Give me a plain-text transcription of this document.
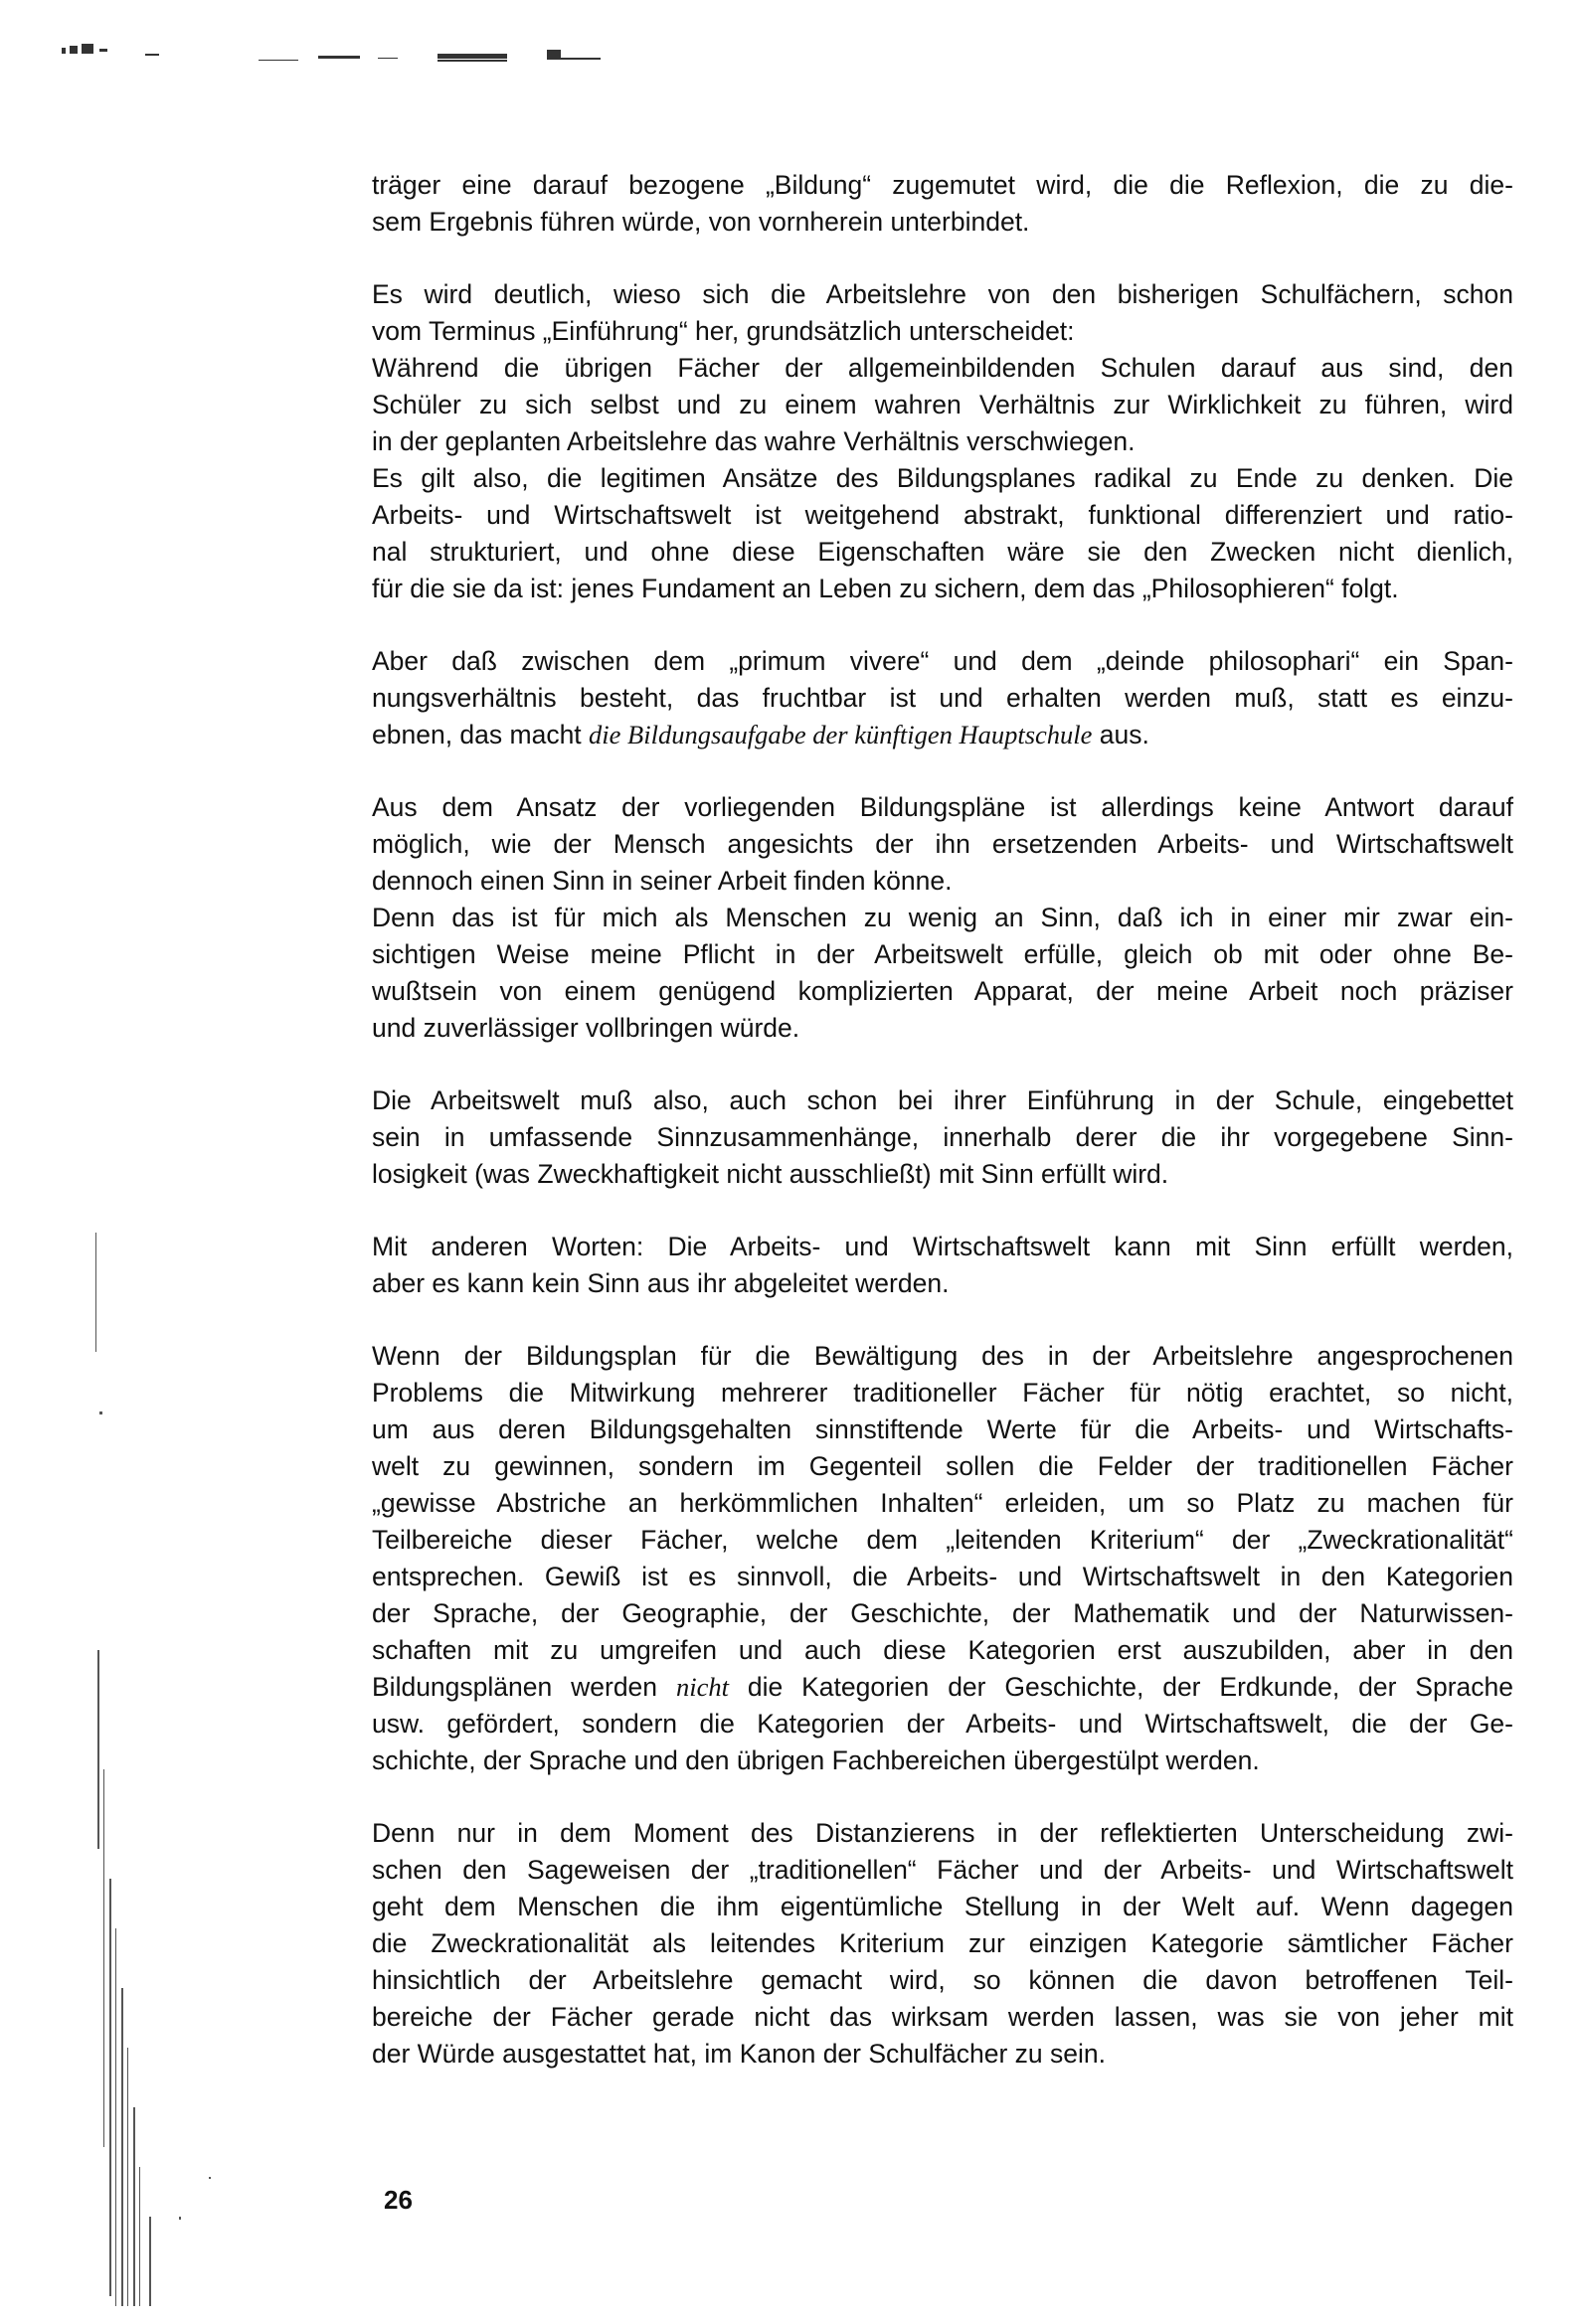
träger eine darauf bezogene „Bildung“ zugemutet wird, die die Reflexion, die zu die-
sem Ergebnis führen würde, von vornherein unterbindet.

Es wird deutlich, wieso sich die Arbeitslehre von den bisherigen Schulfächern, schon
vom Terminus „Einführung“ her, grundsätzlich unterscheidet:
Während die übrigen Fächer der allgemeinbildenden Schulen darauf aus sind, den
Schüler zu sich selbst und zu einem wahren Verhältnis zur Wirklichkeit zu führen, wird
in der geplanten Arbeitslehre das wahre Verhältnis verschwiegen.
Es gilt also, die legitimen Ansätze des Bildungsplanes radikal zu Ende zu denken. Die
Arbeits- und Wirtschaftswelt ist weitgehend abstrakt, funktional differenziert und ratio-
nal strukturiert, und ohne diese Eigenschaften wäre sie den Zwecken nicht dienlich,
für die sie da ist: jenes Fundament an Leben zu sichern, dem das „Philosophieren“ folgt.

Aber daß zwischen dem „primum vivere“ und dem „deinde philosophari“ ein Span-
nungsverhältnis besteht, das fruchtbar ist und erhalten werden muß, statt es einzu-
ebnen, das macht die Bildungsaufgabe der künftigen Hauptschule aus.

Aus dem Ansatz der vorliegenden Bildungspläne ist allerdings keine Antwort darauf
möglich, wie der Mensch angesichts der ihn ersetzenden Arbeits- und Wirtschaftswelt
dennoch einen Sinn in seiner Arbeit finden könne.
Denn das ist für mich als Menschen zu wenig an Sinn, daß ich in einer mir zwar ein-
sichtigen Weise meine Pflicht in der Arbeitswelt erfülle, gleich ob mit oder ohne Be-
wußtsein von einem genügend komplizierten Apparat, der meine Arbeit noch präziser
und zuverlässiger vollbringen würde.

Die Arbeitswelt muß also, auch schon bei ihrer Einführung in der Schule, eingebettet
sein in umfassende Sinnzusammenhänge, innerhalb derer die ihr vorgegebene Sinn-
losigkeit (was Zweckhaftigkeit nicht ausschließt) mit Sinn erfüllt wird.

Mit anderen Worten: Die Arbeits- und Wirtschaftswelt kann mit Sinn erfüllt werden,
aber es kann kein Sinn aus ihr abgeleitet werden.

Wenn der Bildungsplan für die Bewältigung des in der Arbeitslehre angesprochenen
Problems die Mitwirkung mehrerer traditioneller Fächer für nötig erachtet, so nicht,
um aus deren Bildungsgehalten sinnstiftende Werte für die Arbeits- und Wirtschafts-
welt zu gewinnen, sondern im Gegenteil sollen die Felder der traditionellen Fächer
„gewisse Abstriche an herkömmlichen Inhalten“ erleiden, um so Platz zu machen für
Teilbereiche dieser Fächer, welche dem „leitenden Kriterium“ der „Zweckrationalität“
entsprechen. Gewiß ist es sinnvoll, die Arbeits- und Wirtschaftswelt in den Kategorien
der Sprache, der Geographie, der Geschichte, der Mathematik und der Naturwissen-
schaften mit zu umgreifen und auch diese Kategorien erst auszubilden, aber in den
Bildungsplänen werden nicht die Kategorien der Geschichte, der Erdkunde, der Sprache
usw. gefördert, sondern die Kategorien der Arbeits- und Wirtschaftswelt, die der Ge-
schichte, der Sprache und den übrigen Fachbereichen übergestülpt werden.

Denn nur in dem Moment des Distanzierens in der reflektierten Unterscheidung zwi-
schen den Sageweisen der „traditionellen“ Fächer und der Arbeits- und Wirtschaftswelt
geht dem Menschen die ihm eigentümliche Stellung in der Welt auf. Wenn dagegen
die Zweckrationalität als leitendes Kriterium zur einzigen Kategorie sämtlicher Fächer
hinsichtlich der Arbeitslehre gemacht wird, so können die davon betroffenen Teil-
bereiche der Fächer gerade nicht das wirksam werden lassen, was sie von jeher mit
der Würde ausgestattet hat, im Kanon der Schulfächer zu sein.

26
